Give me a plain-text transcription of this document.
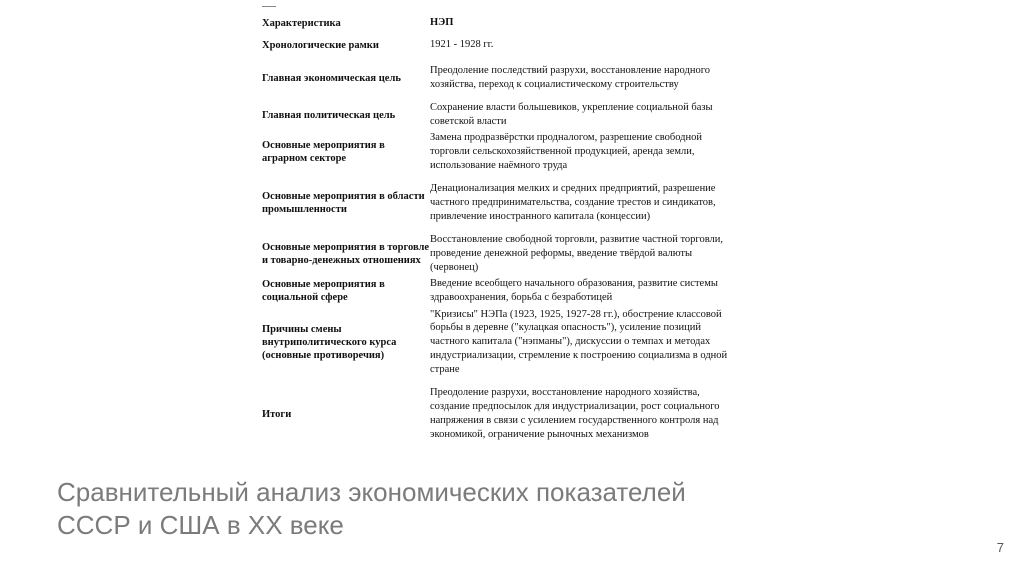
Характеристика	НЭП
Хронологические рамки	1921 - 1928 гг.
Главная экономическая цель
Преодоление последствий разрухи, восстановление народного хозяйства, переход к социалистическому строительству
Главная политическая цель
Сохранение власти большевиков, укрепление социальной базы советской власти
Основные мероприятия в аграрном секторе
Замена продразвёрстки продналогом, разрешение свободной торговли сельскохозяйственной продукцией, аренда земли, использование наёмного труда
Основные мероприятия в области промышленности
Денационализация мелких и средних предприятий, разрешение частного предпринимательства, создание трестов и синдикатов, привлечение иностранного капитала (концессии)
Основные мероприятия в торговле и товарно-денежных отношениях
Восстановление свободной торговли, развитие частной торговли, проведение денежной реформы, введение твёрдой валюты (червонец)
Основные мероприятия в социальной сфере
Введение всеобщего начального образования, развитие системы здравоохранения, борьба с безработицей
Причины смены внутриполитического курса (основные противоречия)
"Кризисы" НЭПа (1923, 1925, 1927-28 гг.), обострение классовой борьбы в деревне ("кулацкая опасность"), усиление позиций частного капитала ("нэпманы"), дискуссии о темпах и методах индустриализации, стремление к построению социализма в одной стране
Итоги
Преодоление разрухи, восстановление народного хозяйства, создание предпосылок для индустриализации, рост социального напряжения в связи с усилением государственного контроля над экономикой, ограничение рыночных механизмов
Сравнительный анализ экономических показателей СССР и США в ХХ веке
7
